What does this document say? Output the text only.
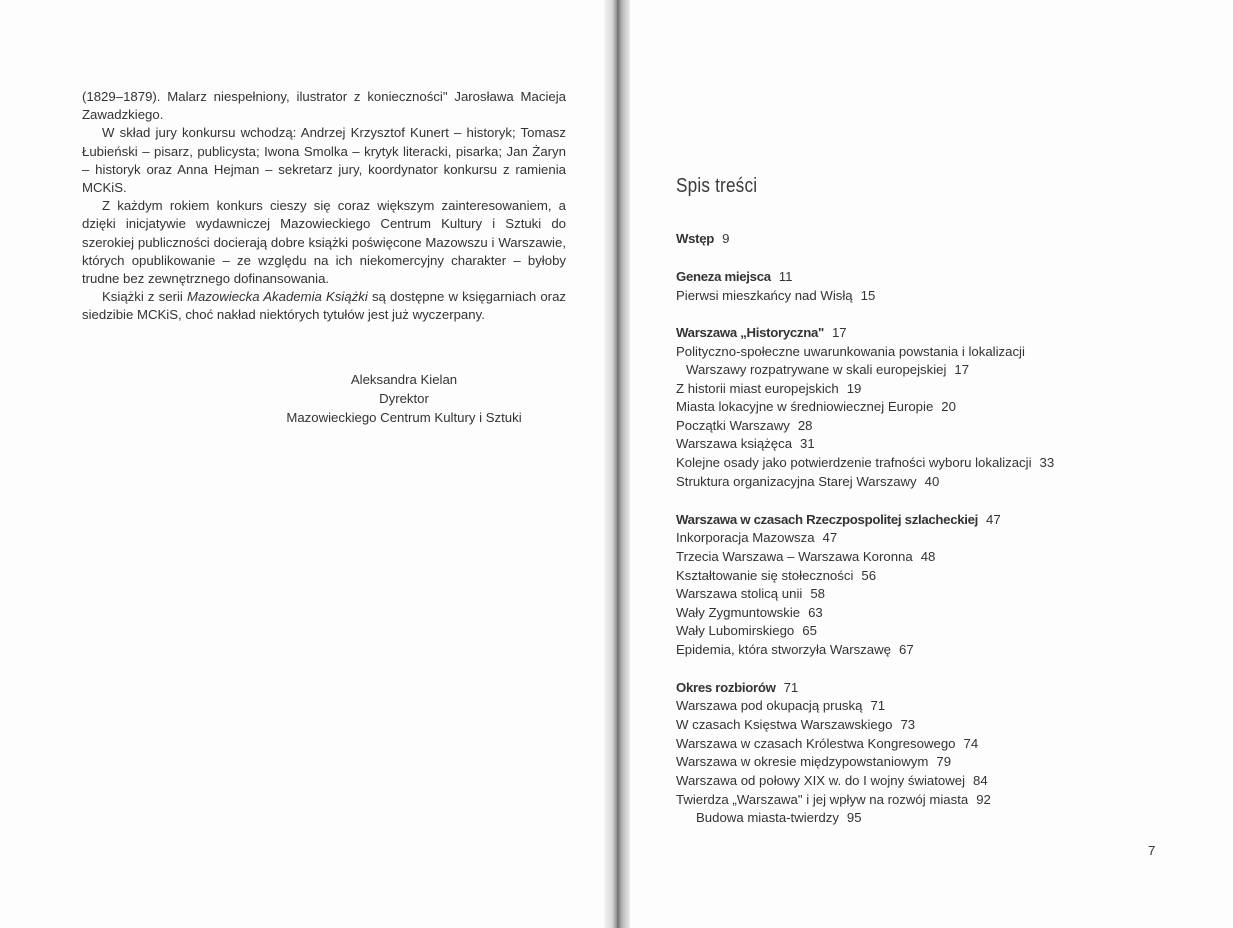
(1829–1879). Malarz niespełniony, ilustrator z konieczności" Jarosława Macieja Zawadzkiego.

W skład jury konkursu wchodzą: Andrzej Krzysztof Kunert – historyk; Tomasz Łubieński – pisarz, publicysta; Iwona Smolka – krytyk literacki, pisarka; Jan Żaryn – historyk oraz Anna Hejman – sekretarz jury, koordynator konkursu z ramienia MCKiS.

Z każdym rokiem konkurs cieszy się coraz większym zainteresowaniem, a dzięki inicjatywie wydawniczej Mazowieckiego Centrum Kultury i Sztuki do szerokiej publiczności docierają dobre książki poświęcone Mazowszu i Warszawie, których opublikowanie – ze względu na ich niekomercyjny charakter – byłoby trudne bez zewnętrznego dofinansowania.

Książki z serii Mazowiecka Akademia Książki są dostępne w księgarniach oraz siedzibie MCKiS, choć nakład niektórych tytułów jest już wyczerpany.

Aleksandra Kielan
Dyrektor
Mazowieckiego Centrum Kultury i Sztuki
Spis treści
Wstęp 9
Geneza miejsca 11
Pierwsi mieszkańcy nad Wisłą 15
Warszawa „Historyczna" 17
Polityczno-społeczne uwarunkowania powstania i lokalizacji
Warszawy rozpatrywane w skali europejskiej 17
Z historii miast europejskich 19
Miasta lokacyjne w średniowiecznej Europie 20
Początki Warszawy 28
Warszawa książęca 31
Kolejne osady jako potwierdzenie trafności wyboru lokalizacji 33
Struktura organizacyjna Starej Warszawy 40
Warszawa w czasach Rzeczpospolitej szlacheckiej 47
Inkorporacja Mazowsza 47
Trzecia Warszawa – Warszawa Koronna 48
Kształtowanie się stołeczności 56
Warszawa stolicą unii 58
Wały Zygmuntowskie 63
Wały Lubomirskiego 65
Epidemia, która stworzyła Warszawę 67
Okres rozbiorów 71
Warszawa pod okupacją pruską 71
W czasach Księstwa Warszawskiego 73
Warszawa w czasach Królestwa Kongresowego 74
Warszawa w okresie międzypowstaniowym 79
Warszawa od połowy XIX w. do I wojny światowej 84
Twierdza „Warszawa" i jej wpływ na rozwój miasta 92
Budowa miasta-twierdzy 95
7
